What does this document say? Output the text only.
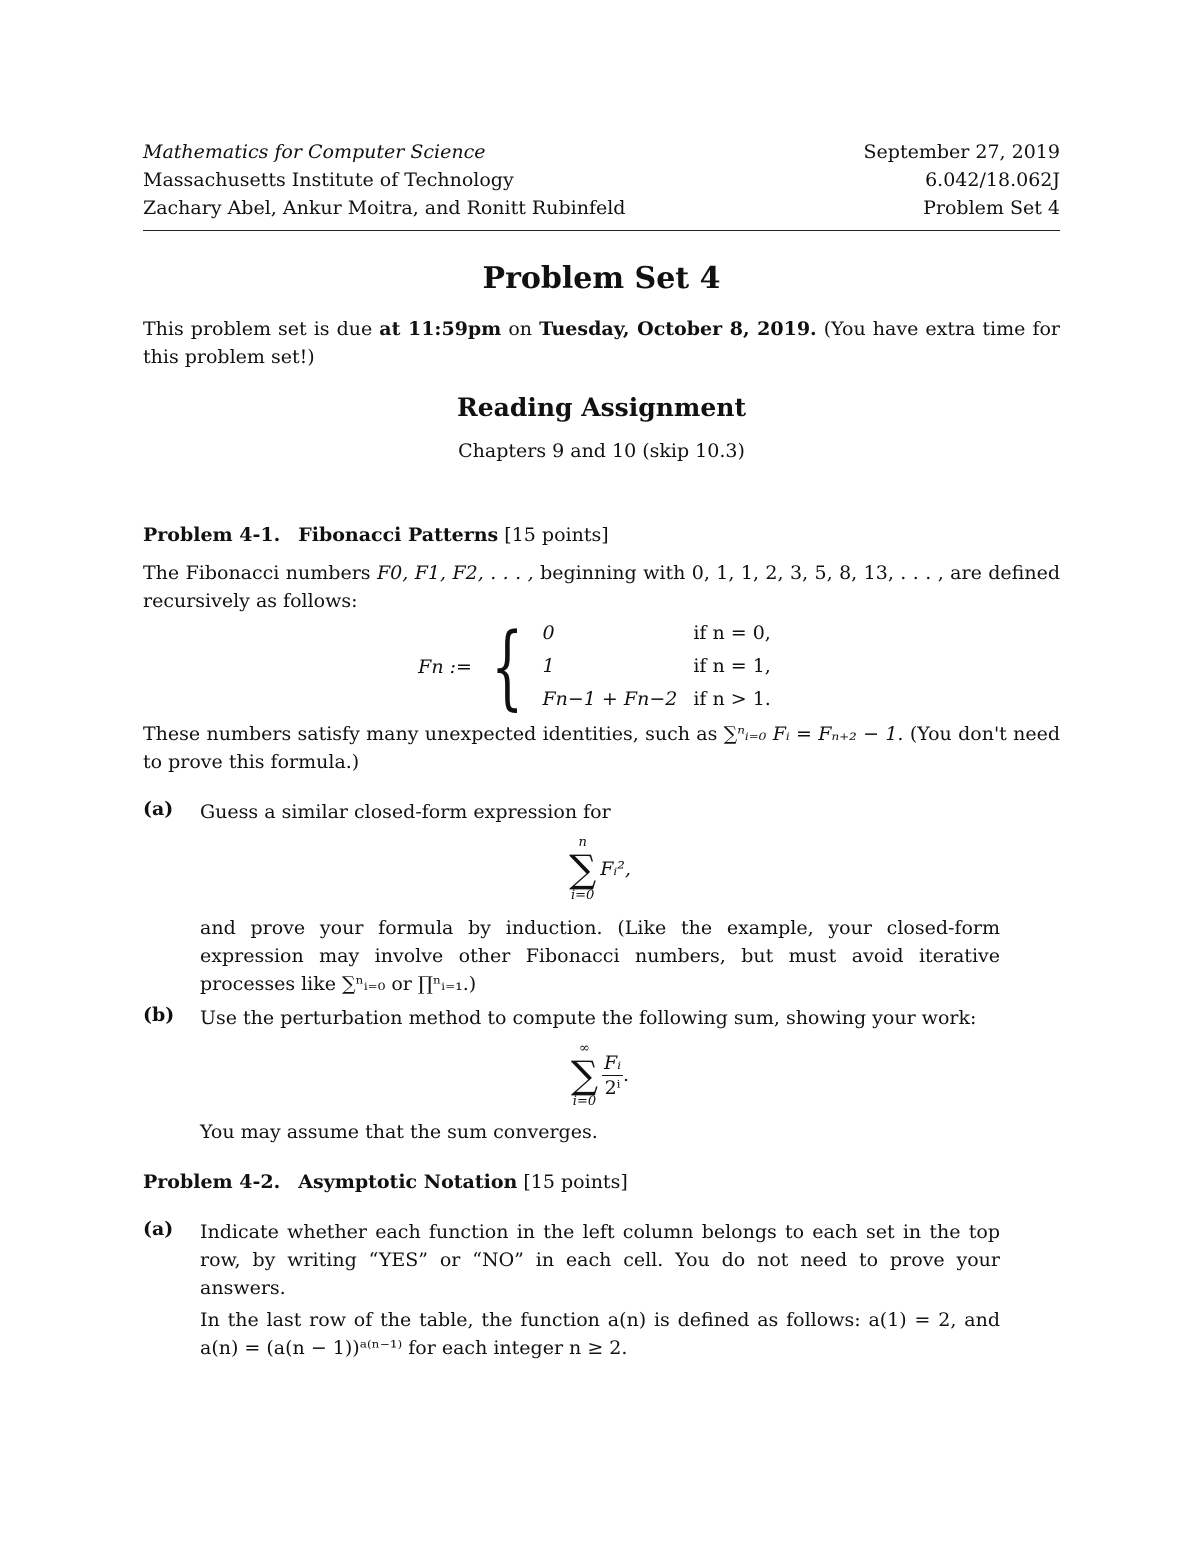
Mathematics for Computer Science	September 27, 2019
Massachusetts Institute of Technology	6.042/18.062J
Zachary Abel, Ankur Moitra, and Ronitt Rubinfeld	Problem Set 4
Problem Set 4

This problem set is due at 11:59pm on Tuesday, October 8, 2019. (You have extra time for this problem set!)

Reading Assignment

Chapters 9 and 10 (skip 10.3)

Problem 4-1. Fibonacci Patterns [15 points]

The Fibonacci numbers F0, F1, F2, . . . , beginning with 0, 1, 1, 2, 3, 5, 8, 13, . . . , are defined recursively as follows:

Fn := { 0	if n = 0,
1	if n = 1,
Fn−1 + Fn−2	if n > 1.

These numbers satisfy many unexpected identities, such as ∑ⁿᵢ₌₀ Fᵢ = Fₙ₊₂ − 1. (You don't need to prove this formula.)

(a)	Guess a similar closed-form expression for

n
∑
i=0
Fᵢ²,

and prove your formula by induction. (Like the example, your closed-form expression may involve other Fibonacci numbers, but must avoid iterative processes like ∑ⁿᵢ₌₀ or ∏ⁿᵢ₌₁.)

(b)	Use the perturbation method to compute the following sum, showing your work:

∞
∑
i=0
$\frac{\text{Fᵢ}}{\text{2ⁱ}}$ .

You may assume that the sum converges.

Problem 4-2. Asymptotic Notation [15 points]

(a)	Indicate whether each function in the left column belongs to each set in the top row, by writing “YES” or “NO” in each cell. You do not need to prove your answers.

In the last row of the table, the function a(n) is defined as follows: a(1) = 2, and a(n) = (a(n − 1))ᵃ⁽ⁿ⁻¹⁾ for each integer n ≥ 2.
